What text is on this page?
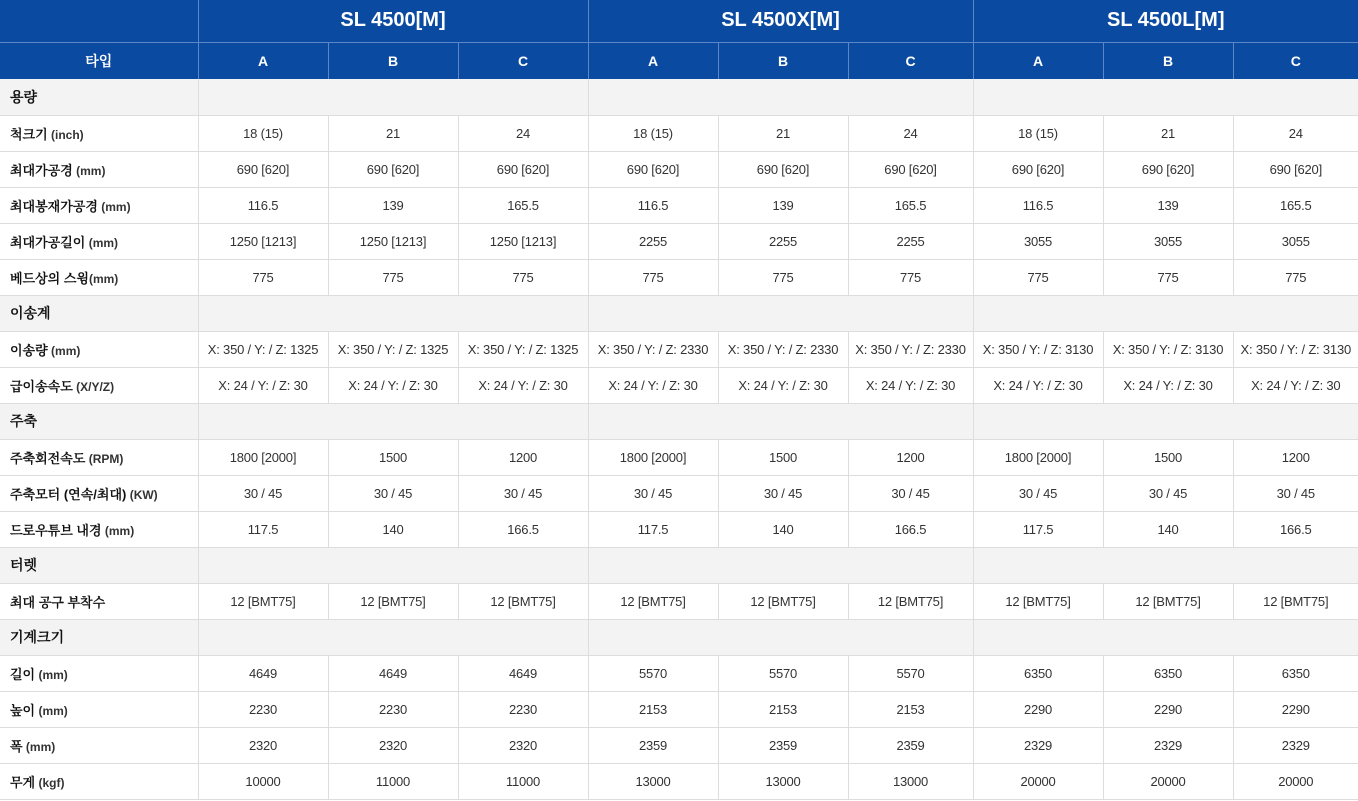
	SL 4500[M]			SL 4500X[M]			SL 4500L[M]		
타입	A	B	C	A	B	C	A	B	C
용량									
척크기 (inch)	18 (15)	21	24	18 (15)	21	24	18 (15)	21	24
최대가공경 (mm)	690 [620]	690 [620]	690 [620]	690 [620]	690 [620]	690 [620]	690 [620]	690 [620]	690 [620]
최대봉재가공경 (mm)	116.5	139	165.5	116.5	139	165.5	116.5	139	165.5
최대가공길이 (mm)	1250 [1213]	1250 [1213]	1250 [1213]	2255	2255	2255	3055	3055	3055
베드상의 스윙(mm)	775	775	775	775	775	775	775	775	775
이송계									
이송량 (mm)	X: 350 / Y: / Z: 1325	X: 350 / Y: / Z: 1325	X: 350 / Y: / Z: 1325	X: 350 / Y: / Z: 2330	X: 350 / Y: / Z: 2330	X: 350 / Y: / Z: 2330	X: 350 / Y: / Z: 3130	X: 350 / Y: / Z: 3130	X: 350 / Y: / Z: 3130
급이송속도 (X/Y/Z)	X: 24 / Y: / Z: 30	X: 24 / Y: / Z: 30	X: 24 / Y: / Z: 30	X: 24 / Y: / Z: 30	X: 24 / Y: / Z: 30	X: 24 / Y: / Z: 30	X: 24 / Y: / Z: 30	X: 24 / Y: / Z: 30	X: 24 / Y: / Z: 30
주축									
주축회전속도 (RPM)	1800 [2000]	1500	1200	1800 [2000]	1500	1200	1800 [2000]	1500	1200
주축모터 (연속/최대) (KW)	30 / 45	30 / 45	30 / 45	30 / 45	30 / 45	30 / 45	30 / 45	30 / 45	30 / 45
드로우튜브 내경 (mm)	117.5	140	166.5	117.5	140	166.5	117.5	140	166.5
터렛									
최대 공구 부착수	12 [BMT75]	12 [BMT75]	12 [BMT75]	12 [BMT75]	12 [BMT75]	12 [BMT75]	12 [BMT75]	12 [BMT75]	12 [BMT75]
기계크기									
길이 (mm)	4649	4649	4649	5570	5570	5570	6350	6350	6350
높이 (mm)	2230	2230	2230	2153	2153	2153	2290	2290	2290
폭 (mm)	2320	2320	2320	2359	2359	2359	2329	2329	2329
무게 (kgf)	10000	11000	11000	13000	13000	13000	20000	20000	20000
